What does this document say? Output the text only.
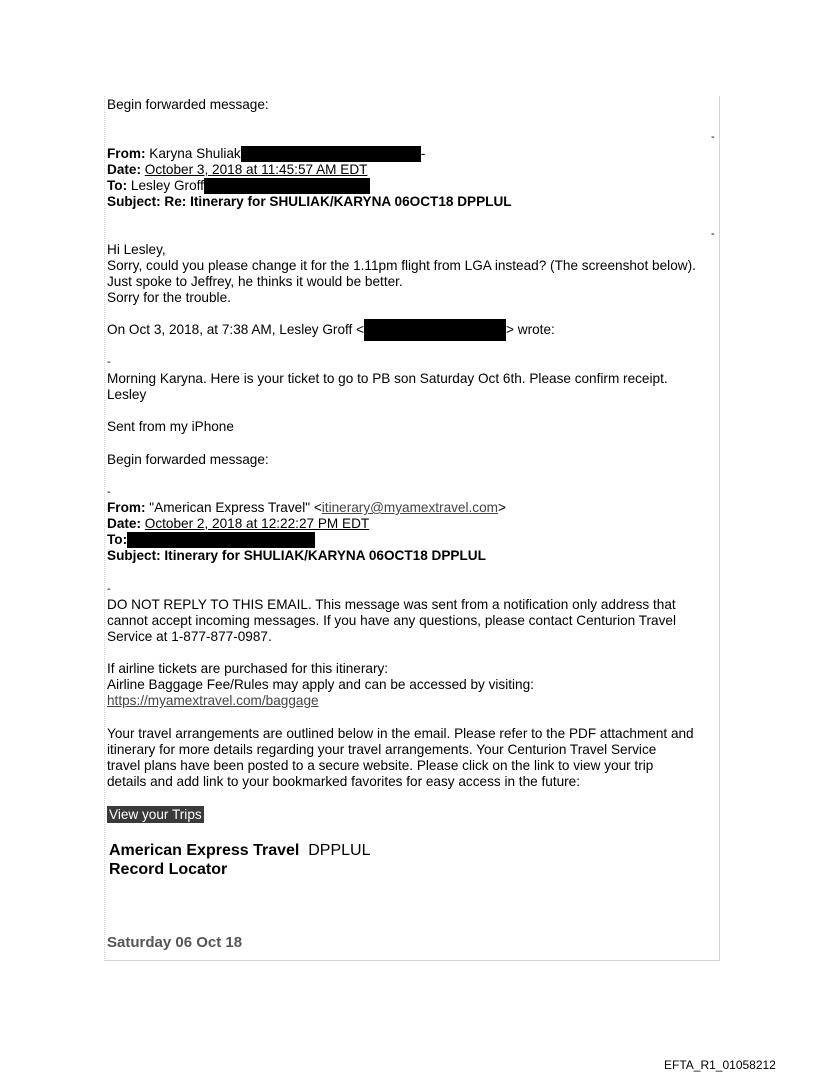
Begin forwarded message:
-
From: Karyna Shuliak	-
Date: October 3, 2018 at 11:45:57 AM EDT
To: Lesley Groff
Subject: Re: Itinerary for SHULIAK/KARYNA 06OCT18 DPPLUL
-
Hi Lesley,
Sorry, could you please change it for the 1.11pm flight from LGA instead? (The screenshot below).
Just spoke to Jeffrey, he thinks it would be better.
Sorry for the trouble.
On Oct 3, 2018, at 7:38 AM, Lesley Groff <	> wrote:
-
Morning Karyna. Here is your ticket to go to PB son Saturday Oct 6th. Please confirm receipt.
Lesley
Sent from my iPhone
Begin forwarded message:
-
From: "American Express Travel" <itinerary@myamextravel.com>
Date: October 2, 2018 at 12:22:27 PM EDT
To:
Subject: Itinerary for SHULIAK/KARYNA 06OCT18 DPPLUL
-
DO NOT REPLY TO THIS EMAIL. This message was sent from a notification only address that
cannot accept incoming messages. If you have any questions, please contact Centurion Travel
Service at 1-877-877-0987.
If airline tickets are purchased for this itinerary:
Airline Baggage Fee/Rules may apply and can be accessed by visiting:
https://myamextravel.com/baggage
Your travel arrangements are outlined below in the email. Please refer to the PDF attachment and
itinerary for more details regarding your travel arrangements. Your Centurion Travel Service
travel plans have been posted to a secure website. Please click on the link to view your trip
details and add link to your bookmarked favorites for easy access in the future:
View your Trips
American Express Travel DPPLUL
Record Locator
Saturday 06 Oct 18
EFTA_R1_01058212
